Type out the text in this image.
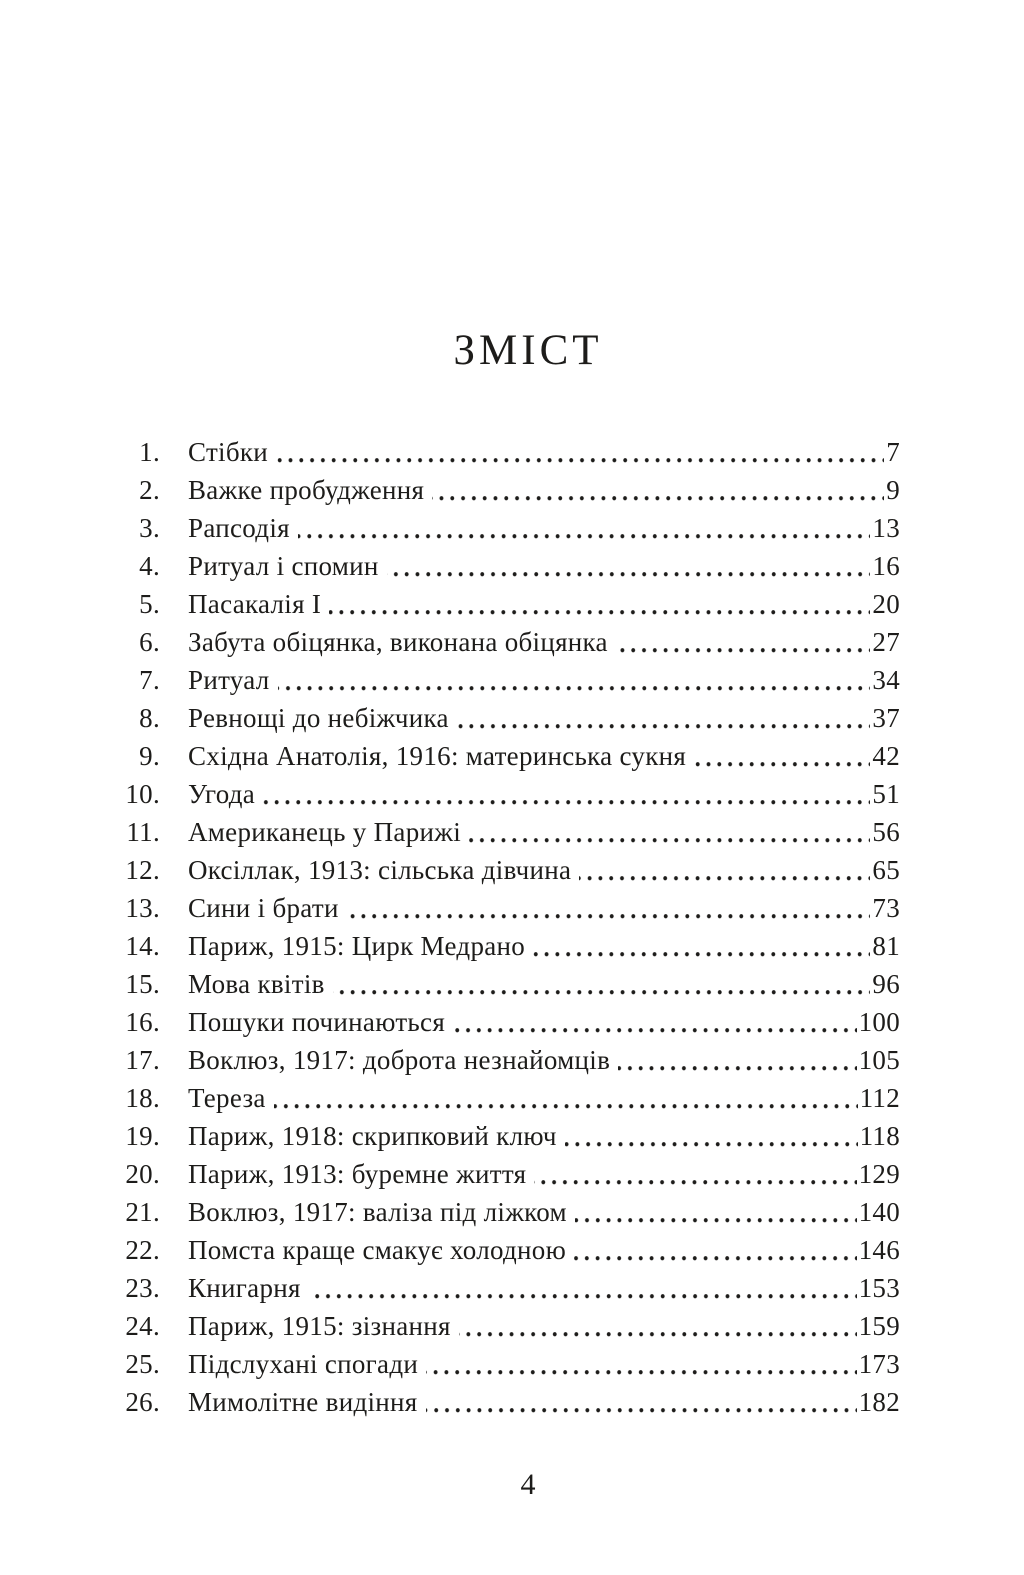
ЗМІСТ
1. Стібки	7
2. Важке пробудження	9
3. Рапсодія	13
4. Ритуал і спомин	16
5. Пасакалія І	20
6. Забута обіцянка, виконана обіцянка	27
7. Ритуал	34
8. Ревнощі до небіжчика	37
9. Східна Анатолія, 1916: материнська сукня	42
10. Угода	51
11. Американець у Парижі	56
12. Оксіллак, 1913: сільська дівчина	65
13. Сини і брати	73
14. Париж, 1915: Цирк Медрано	81
15. Мова квітів	96
16. Пошуки починаються	100
17. Воклюз, 1917: доброта незнайомців	105
18. Тереза	112
19. Париж, 1918: скрипковий ключ	118
20. Париж, 1913: буремне життя	129
21. Воклюз, 1917: валіза під ліжком	140
22. Помста краще смакує холодною	146
23. Книгарня	153
24. Париж, 1915: зізнання	159
25. Підслухані спогади	173
26. Мимолітне видіння	182
4
